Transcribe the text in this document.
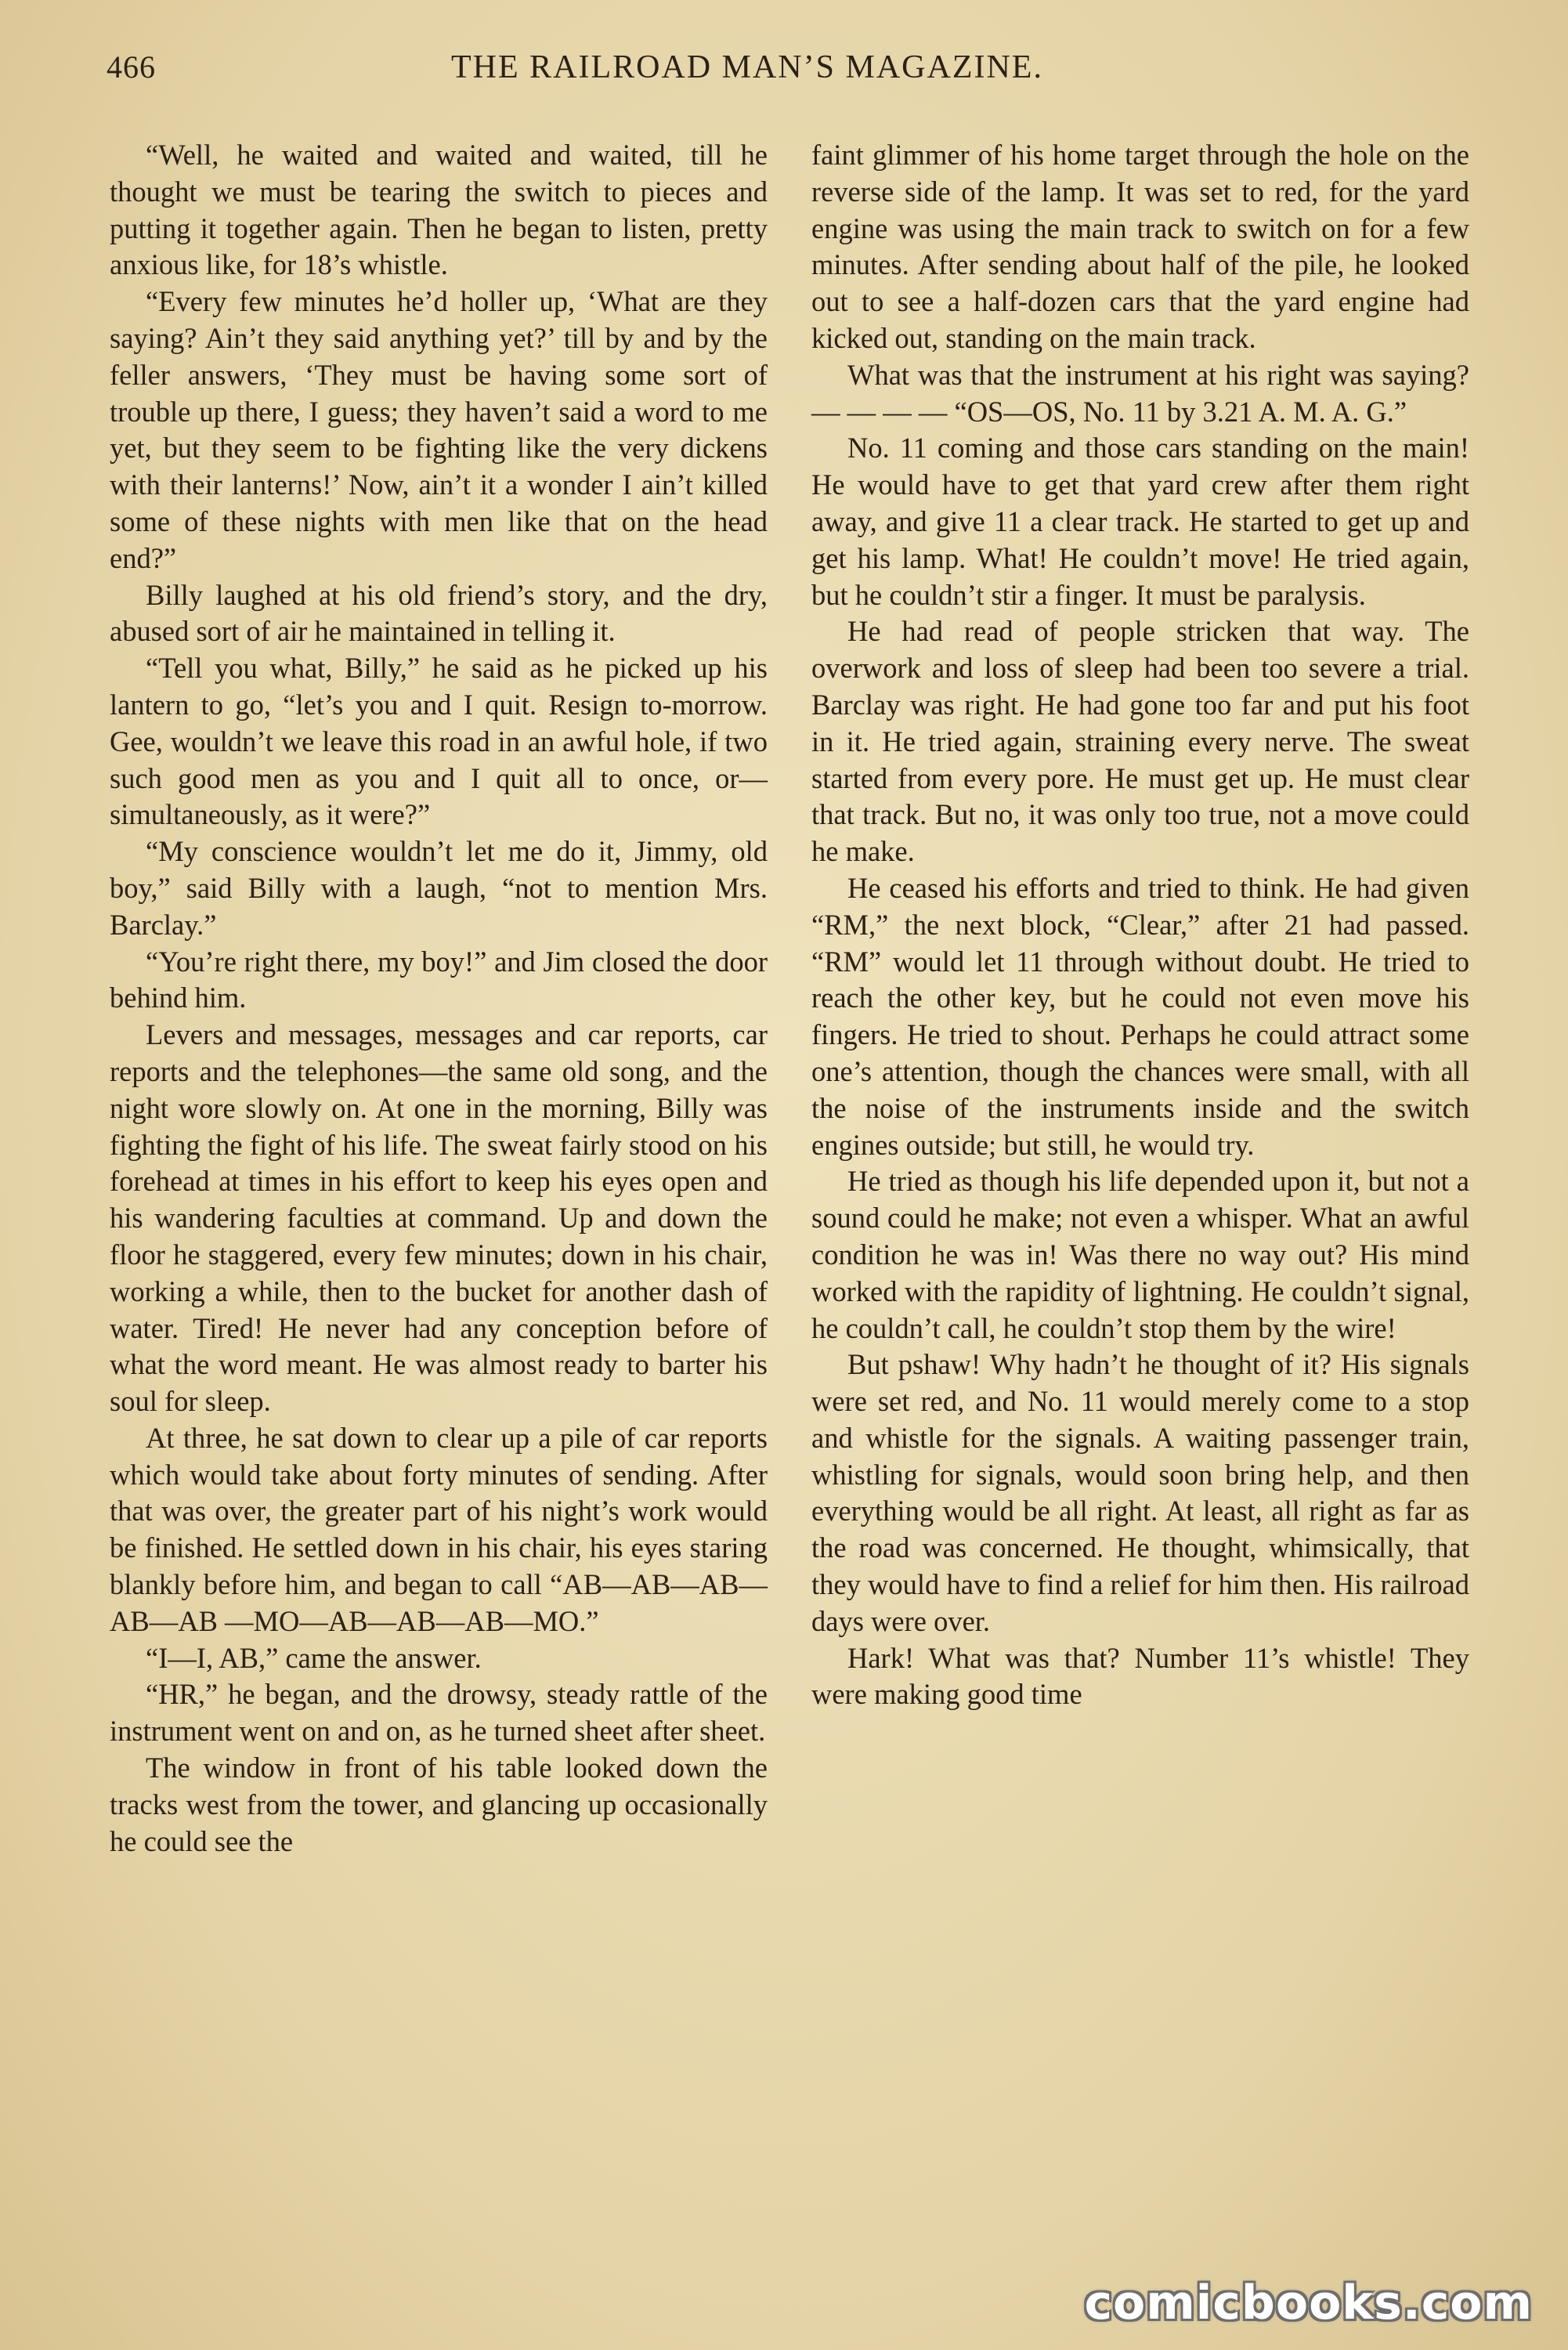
466	THE RAILROAD MAN’S MAGAZINE.

“Well, he waited and waited and waited, till he thought we must be tearing the switch to pieces and putting it together again. Then he began to listen, pretty anxious like, for 18’s whistle.

“Every few minutes he’d holler up, ‘What are they saying? Ain’t they said anything yet?’ till by and by the feller answers, ‘They must be having some sort of trouble up there, I guess; they haven’t said a word to me yet, but they seem to be fighting like the very dickens with their lanterns!’ Now, ain’t it a wonder I ain’t killed some of these nights with men like that on the head end?”

Billy laughed at his old friend’s story, and the dry, abused sort of air he maintained in telling it.

“Tell you what, Billy,” he said as he picked up his lantern to go, “let’s you and I quit. Resign to-morrow. Gee, wouldn’t we leave this road in an awful hole, if two such good men as you and I quit all to once, or—simultaneously, as it were?”

“My conscience wouldn’t let me do it, Jimmy, old boy,” said Billy with a laugh, “not to mention Mrs. Barclay.”

“You’re right there, my boy!” and Jim closed the door behind him.

Levers and messages, messages and car reports, car reports and the telephones—the same old song, and the night wore slowly on. At one in the morning, Billy was fighting the fight of his life. The sweat fairly stood on his forehead at times in his effort to keep his eyes open and his wandering faculties at command. Up and down the floor he staggered, every few minutes; down in his chair, working a while, then to the bucket for another dash of water. Tired! He never had any conception before of what the word meant. He was almost ready to barter his soul for sleep.

At three, he sat down to clear up a pile of car reports which would take about forty minutes of sending. After that was over, the greater part of his night’s work would be finished. He settled down in his chair, his eyes staring blankly before him, and began to call “AB—AB—AB—AB—AB —MO—AB—AB—AB—MO.”

“I—I, AB,” came the answer.

“HR,” he began, and the drowsy, steady rattle of the instrument went on and on, as he turned sheet after sheet.

The window in front of his table looked down the tracks west from the tower, and glancing up occasionally he could see the

faint glimmer of his home target through the hole on the reverse side of the lamp. It was set to red, for the yard engine was using the main track to switch on for a few minutes. After sending about half of the pile, he looked out to see a half-dozen cars that the yard engine had kicked out, standing on the main track.

What was that the instrument at his right was saying? — — — — “OS—OS, No. 11 by 3.21 A. M. A. G.”

No. 11 coming and those cars standing on the main! He would have to get that yard crew after them right away, and give 11 a clear track. He started to get up and get his lamp. What! He couldn’t move! He tried again, but he couldn’t stir a finger. It must be paralysis.

He had read of people stricken that way. The overwork and loss of sleep had been too severe a trial. Barclay was right. He had gone too far and put his foot in it. He tried again, straining every nerve. The sweat started from every pore. He must get up. He must clear that track. But no, it was only too true, not a move could he make.

He ceased his efforts and tried to think. He had given “RM,” the next block, “Clear,” after 21 had passed. “RM” would let 11 through without doubt. He tried to reach the other key, but he could not even move his fingers. He tried to shout. Perhaps he could attract some one’s attention, though the chances were small, with all the noise of the instruments inside and the switch engines outside; but still, he would try.

He tried as though his life depended upon it, but not a sound could he make; not even a whisper. What an awful condition he was in! Was there no way out? His mind worked with the rapidity of lightning. He couldn’t signal, he couldn’t call, he couldn’t stop them by the wire!

But pshaw! Why hadn’t he thought of it? His signals were set red, and No. 11 would merely come to a stop and whistle for the signals. A waiting passenger train, whistling for signals, would soon bring help, and then everything would be all right. At least, all right as far as the road was concerned. He thought, whimsically, that they would have to find a relief for him then. His railroad days were over.

Hark! What was that? Number 11’s whistle! They were making good time

comicbooks.com
